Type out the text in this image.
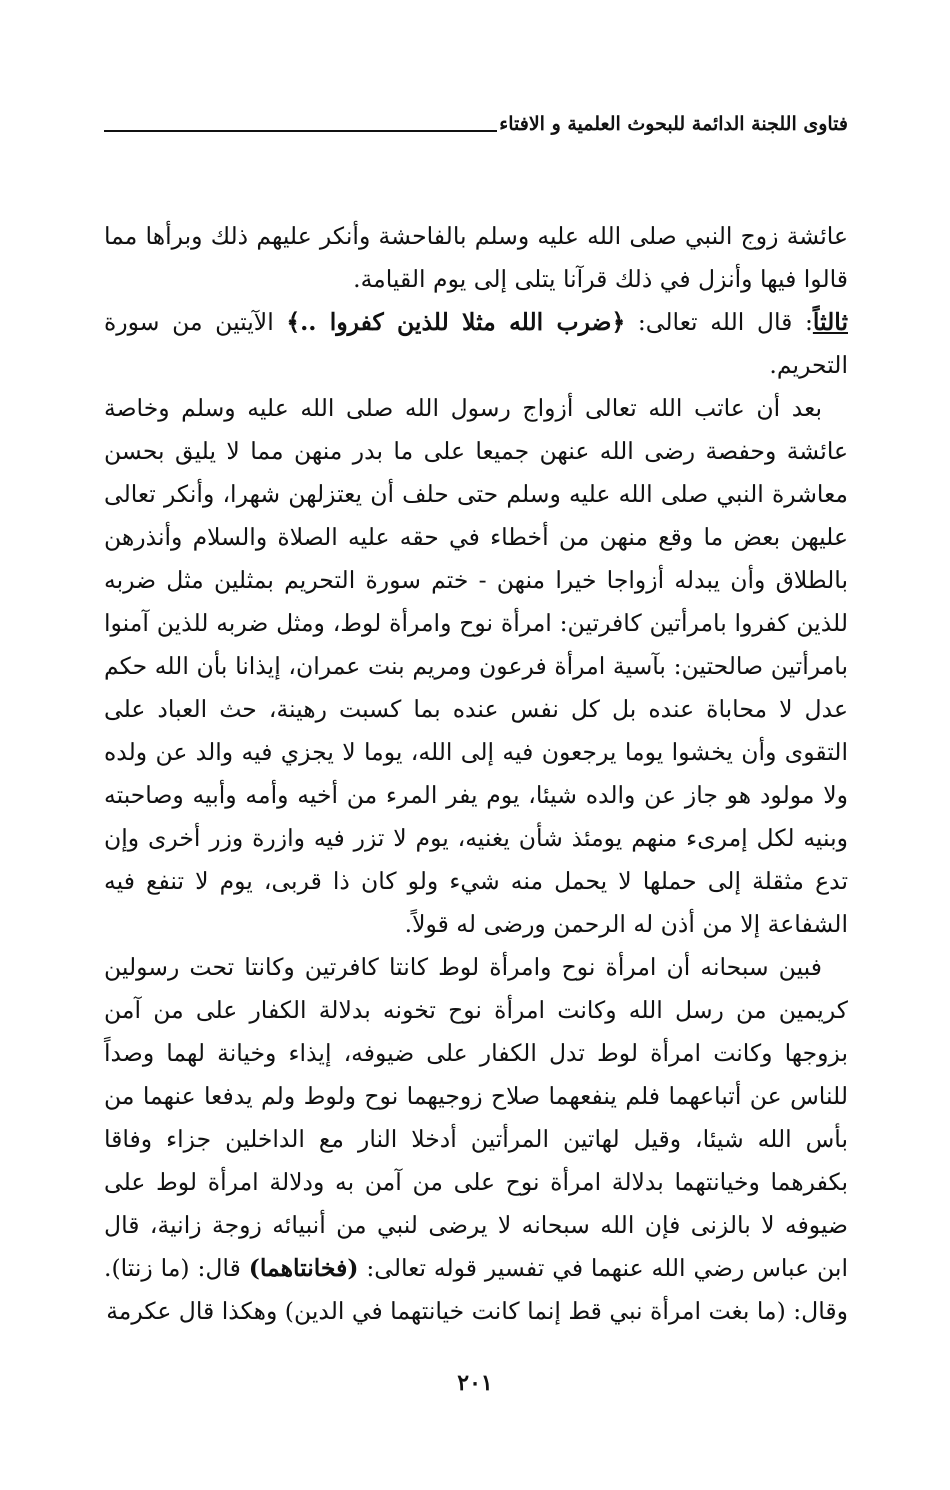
فتاوى اللجنة الدائمة للبحوث العلمية و الافتاء

عائشة زوج النبي صلى الله عليه وسلم بالفاحشة وأنكر عليهم ذلك وبرأها مما قالوا فيها وأنزل في ذلك قرآنا يتلى إلى يوم القيامة.

ثالثاً: قال الله تعالى: ﴿ضرب الله مثلا للذين كفروا ..﴾ الآيتين من سورة التحريم.

بعد أن عاتب الله تعالى أزواج رسول الله صلى الله عليه وسلم وخاصة عائشة وحفصة رضى الله عنهن جميعا على ما بدر منهن مما لا يليق بحسن معاشرة النبي صلى الله عليه وسلم حتى حلف أن يعتزلهن شهرا، وأنكر تعالى عليهن بعض ما وقع منهن من أخطاء في حقه عليه الصلاة والسلام وأنذرهن بالطلاق وأن يبدله أزواجا خيرا منهن - ختم سورة التحريم بمثلين مثل ضربه للذين كفروا بامرأتين كافرتين: امرأة نوح وامرأة لوط، ومثل ضربه للذين آمنوا بامرأتين صالحتين: بآسية امرأة فرعون ومريم بنت عمران، إيذانا بأن الله حكم عدل لا محاباة عنده بل كل نفس عنده بما كسبت رهينة، حث العباد على التقوى وأن يخشوا يوما يرجعون فيه إلى الله، يوما لا يجزي فيه والد عن ولده ولا مولود هو جاز عن والده شيئا، يوم يفر المرء من أخيه وأمه وأبيه وصاحبته وبنيه لكل إمرىء منهم يومئذ شأن يغنيه، يوم لا تزر فيه وازرة وزر أخرى وإن تدع مثقلة إلى حملها لا يحمل منه شيء ولو كان ذا قربى، يوم لا تنفع فيه الشفاعة إلا من أذن له الرحمن ورضى له قولاً.

فبين سبحانه أن امرأة نوح وامرأة لوط كانتا كافرتين وكانتا تحت رسولين كريمين من رسل الله وكانت امرأة نوح تخونه بدلالة الكفار على من آمن بزوجها وكانت امرأة لوط تدل الكفار على ضيوفه، إيذاء وخيانة لهما وصداً للناس عن أتباعهما فلم ينفعهما صلاح زوجيهما نوح ولوط ولم يدفعا عنهما من بأس الله شيئا، وقيل لهاتين المرأتين أدخلا النار مع الداخلين جزاء وفاقا بكفرهما وخيانتهما بدلالة امرأة نوح على من آمن به ودلالة امرأة لوط على ضيوفه لا بالزنى فإن الله سبحانه لا يرضى لنبي من أنبيائه زوجة زانية، قال ابن عباس رضي الله عنهما في تفسير قوله تعالى: (فخانتاهما) قال: (ما زنتا). وقال: (ما بغت امرأة نبي قط إنما كانت خيانتهما في الدين) وهكذا قال عكرمة

٢٠١
